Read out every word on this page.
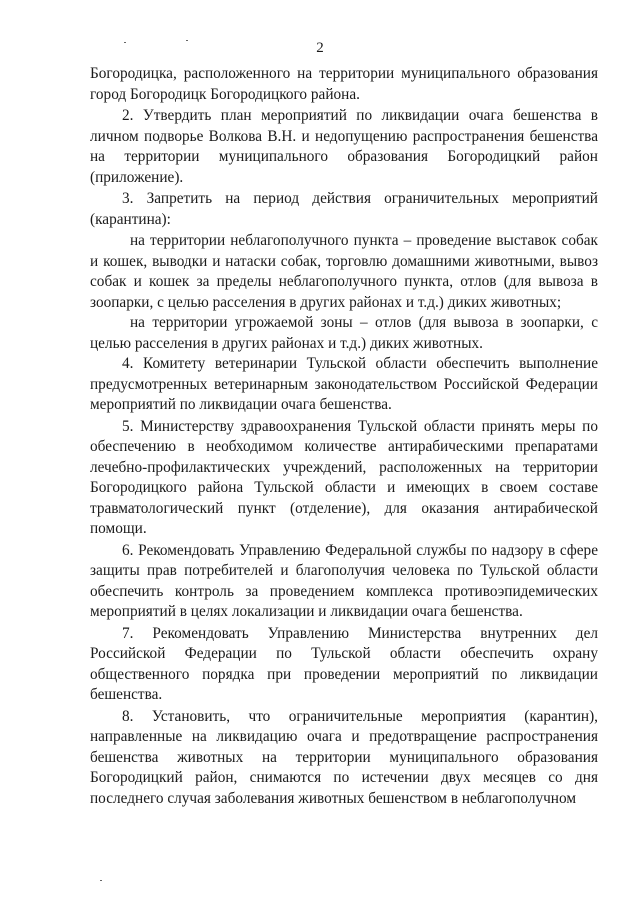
2

Богородицка, расположенного на территории муниципального образования город Богородицк Богородицкого района.

2. Утвердить план мероприятий по ликвидации очага бешенства в личном подворье Волкова В.Н. и недопущению распространения бешенства на территории муниципального образования Богородицкий район (приложение).

3. Запретить на период действия ограничительных мероприятий (карантина):

на территории неблагополучного пункта – проведение выставок собак и кошек, выводки и натаски собак, торговлю домашними животными, вывоз собак и кошек за пределы неблагополучного пункта, отлов (для вывоза в зоопарки, с целью расселения в других районах и т.д.) диких животных;

на территории угрожаемой зоны – отлов (для вывоза в зоопарки, с целью расселения в других районах и т.д.) диких животных.

4. Комитету ветеринарии Тульской области обеспечить выполнение предусмотренных ветеринарным законодательством Российской Федерации мероприятий по ликвидации очага бешенства.

5. Министерству здравоохранения Тульской области принять меры по обеспечению в необходимом количестве антирабическими препаратами лечебно-профилактических учреждений, расположенных на территории Богородицкого района Тульской области и имеющих в своем составе травматологический пункт (отделение), для оказания антирабической помощи.

6. Рекомендовать Управлению Федеральной службы по надзору в сфере защиты прав потребителей и благополучия человека по Тульской области обеспечить контроль за проведением комплекса противоэпидемических мероприятий в целях локализации и ликвидации очага бешенства.

7. Рекомендовать Управлению Министерства внутренних дел Российской Федерации по Тульской области обеспечить охрану общественного порядка при проведении мероприятий по ликвидации бешенства.

8. Установить, что ограничительные мероприятия (карантин), направленные на ликвидацию очага и предотвращение распространения бешенства животных на территории муниципального образования Богородицкий район, снимаются по истечении двух месяцев со дня последнего случая заболевания животных бешенством в неблагополучном
